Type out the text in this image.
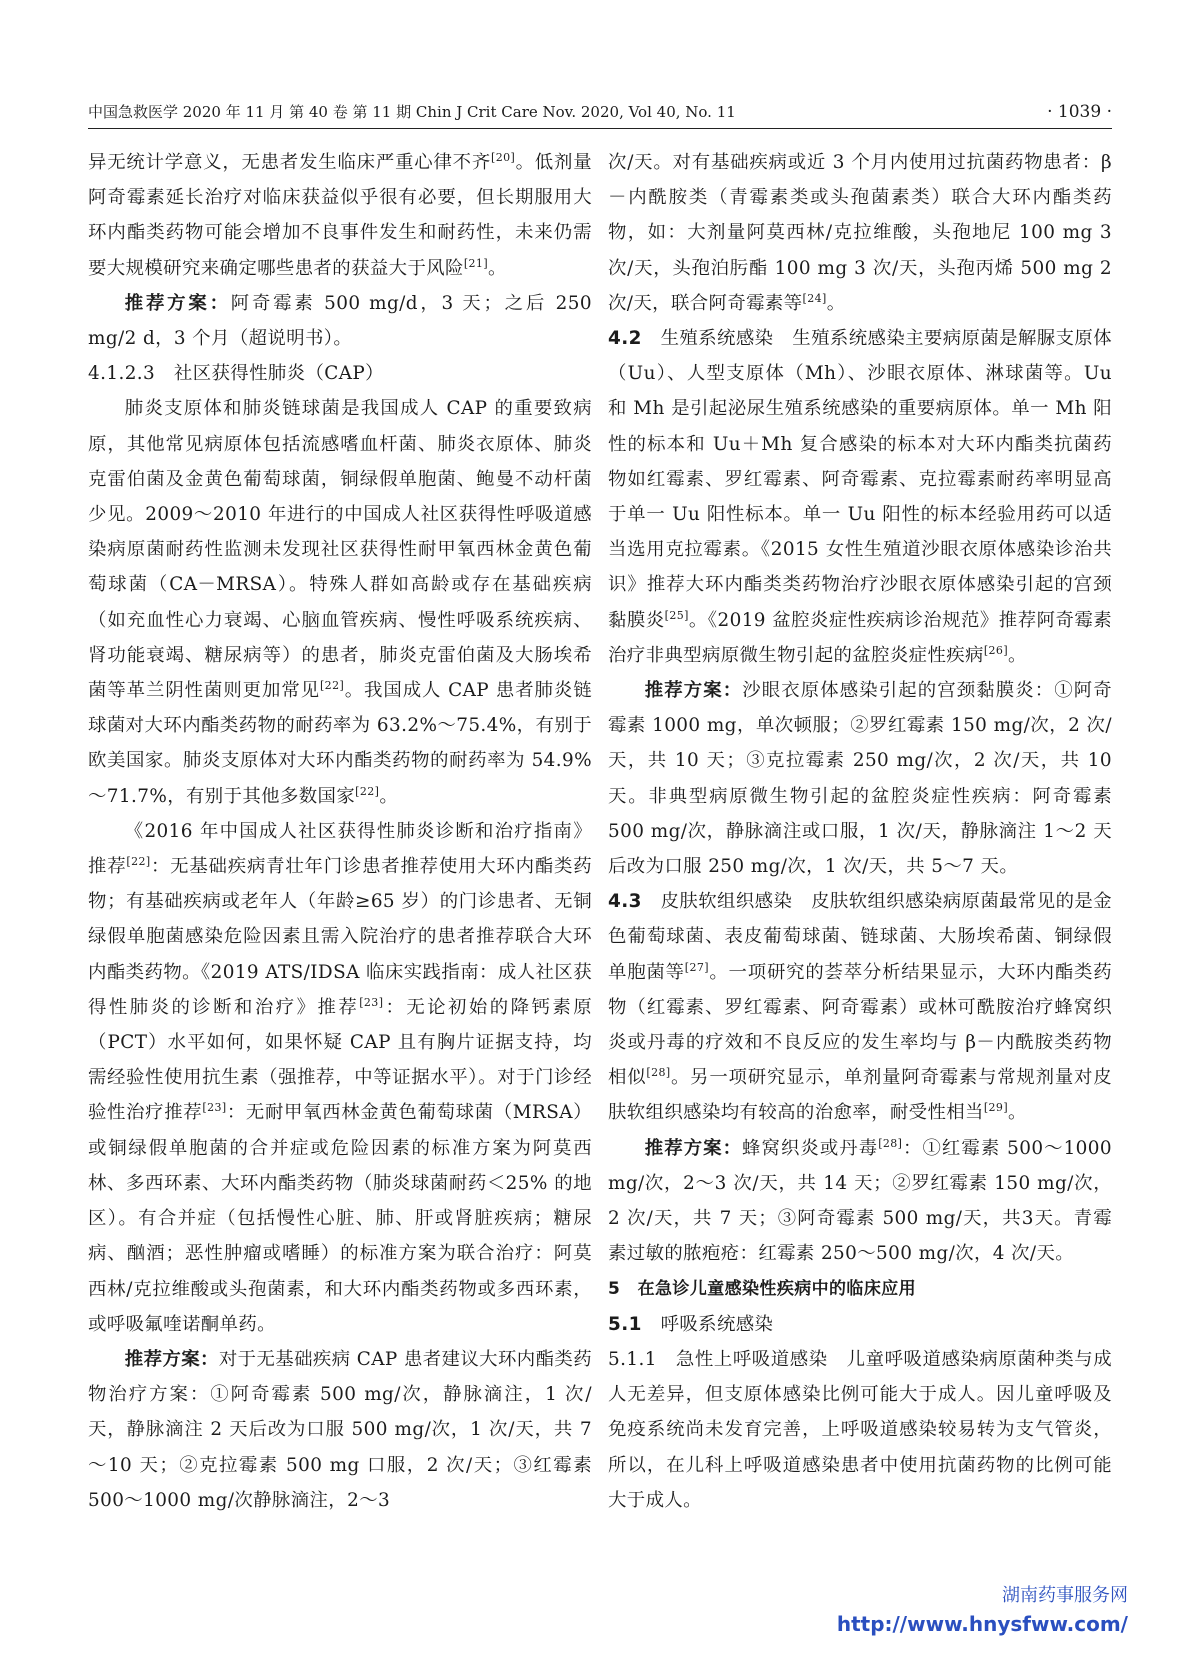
中国急救医学 2020 年 11 月 第 40 卷 第 11 期 Chin J Crit Care Nov. 2020, Vol 40, No. 11	· 1039 ·

异无统计学意义，无患者发生临床严重心律不齐[20]。低剂量阿奇霉素延长治疗对临床获益似乎很有必要，但长期服用大环内酯类药物可能会增加不良事件发生和耐药性，未来仍需要大规模研究来确定哪些患者的获益大于风险[21]。

推荐方案：阿奇霉素 500 mg/d，3 天；之后 250 mg/2 d，3 个月（超说明书）。

4.1.2.3　社区获得性肺炎（CAP）

肺炎支原体和肺炎链球菌是我国成人 CAP 的重要致病原，其他常见病原体包括流感嗜血杆菌、肺炎衣原体、肺炎克雷伯菌及金黄色葡萄球菌，铜绿假单胞菌、鲍曼不动杆菌少见。2009～2010 年进行的中国成人社区获得性呼吸道感染病原菌耐药性监测未发现社区获得性耐甲氧西林金黄色葡萄球菌（CA－MRSA）。特殊人群如高龄或存在基础疾病（如充血性心力衰竭、心脑血管疾病、慢性呼吸系统疾病、肾功能衰竭、糖尿病等）的患者，肺炎克雷伯菌及大肠埃希菌等革兰阴性菌则更加常见[22]。我国成人 CAP 患者肺炎链球菌对大环内酯类药物的耐药率为 63.2%～75.4%，有别于欧美国家。肺炎支原体对大环内酯类药物的耐药率为 54.9%～71.7%，有别于其他多数国家[22]。

《2016 年中国成人社区获得性肺炎诊断和治疗指南》推荐[22]：无基础疾病青壮年门诊患者推荐使用大环内酯类药物；有基础疾病或老年人（年龄≥65 岁）的门诊患者、无铜绿假单胞菌感染危险因素且需入院治疗的患者推荐联合大环内酯类药物。《2019 ATS/IDSA 临床实践指南：成人社区获得性肺炎的诊断和治疗》推荐[23]：无论初始的降钙素原（PCT）水平如何，如果怀疑 CAP 且有胸片证据支持，均需经验性使用抗生素（强推荐，中等证据水平）。对于门诊经验性治疗推荐[23]：无耐甲氧西林金黄色葡萄球菌（MRSA）或铜绿假单胞菌的合并症或危险因素的标准方案为阿莫西林、多西环素、大环内酯类药物（肺炎球菌耐药＜25% 的地区）。有合并症（包括慢性心脏、肺、肝或肾脏疾病；糖尿病、酗酒；恶性肿瘤或嗜睡）的标准方案为联合治疗：阿莫西林/克拉维酸或头孢菌素，和大环内酯类药物或多西环素，或呼吸氟喹诺酮单药。

推荐方案：对于无基础疾病 CAP 患者建议大环内酯类药物治疗方案：①阿奇霉素 500 mg/次，静脉滴注，1 次/天，静脉滴注 2 天后改为口服 500 mg/次，1 次/天，共 7～10 天；②克拉霉素 500 mg 口服，2 次/天；③红霉素 500～1000 mg/次静脉滴注，2～3

次/天。对有基础疾病或近 3 个月内使用过抗菌药物患者：β－内酰胺类（青霉素类或头孢菌素类）联合大环内酯类药物，如：大剂量阿莫西林/克拉维酸，头孢地尼 100 mg 3 次/天，头孢泊肟酯 100 mg 3 次/天，头孢丙烯 500 mg 2 次/天，联合阿奇霉素等[24]。

4.2　 生殖系统感染　 生殖系统感染主要病原菌是解脲支原体（Uu）、人型支原体（Mh）、沙眼衣原体、淋球菌等。Uu 和 Mh 是引起泌尿生殖系统感染的重要病原体。单一 Mh 阳性的标本和 Uu＋Mh 复合感染的标本对大环内酯类抗菌药物如红霉素、罗红霉素、阿奇霉素、克拉霉素耐药率明显高于单一 Uu 阳性标本。单一 Uu 阳性的标本经验用药可以适当选用克拉霉素。《2015 女性生殖道沙眼衣原体感染诊治共识》推荐大环内酯类类药物治疗沙眼衣原体感染引起的宫颈黏膜炎[25]。《2019 盆腔炎症性疾病诊治规范》推荐阿奇霉素治疗非典型病原微生物引起的盆腔炎症性疾病[26]。

推荐方案：沙眼衣原体感染引起的宫颈黏膜炎：①阿奇霉素 1000 mg，单次顿服；②罗红霉素 150 mg/次，2 次/天，共 10 天；③克拉霉素 250 mg/次，2 次/天，共 10 天。非典型病原微生物引起的盆腔炎症性疾病：阿奇霉素 500 mg/次，静脉滴注或口服，1 次/天，静脉滴注 1～2 天后改为口服 250 mg/次，1 次/天，共 5～7 天。

4.3　 皮肤软组织感染　 皮肤软组织感染病原菌最常见的是金色葡萄球菌、表皮葡萄球菌、链球菌、大肠埃希菌、铜绿假单胞菌等[27]。一项研究的荟萃分析结果显示，大环内酯类药物（红霉素、罗红霉素、阿奇霉素）或林可酰胺治疗蜂窝织炎或丹毒的疗效和不良反应的发生率均与 β－内酰胺类药物相似[28]。另一项研究显示，单剂量阿奇霉素与常规剂量对皮肤软组织感染均有较高的治愈率，耐受性相当[29]。

推荐方案：蜂窝织炎或丹毒[28]：①红霉素 500～1000 mg/次，2～3 次/天，共 14 天；②罗红霉素 150 mg/次，2 次/天，共 7 天；③阿奇霉素 500 mg/天，共3天。青霉素过敏的脓疱疮：红霉素 250～500 mg/次，4 次/天。

5　在急诊儿童感染性疾病中的临床应用

5.1　 呼吸系统感染

5.1.1　急性上呼吸道感染　 儿童呼吸道感染病原菌种类与成人无差异，但支原体感染比例可能大于成人。因儿童呼吸及免疫系统尚未发育完善，上呼吸道感染较易转为支气管炎，所以，在儿科上呼吸道感染患者中使用抗菌药物的比例可能大于成人。

湖南药事服务网
http://www.hnysfww.com/
